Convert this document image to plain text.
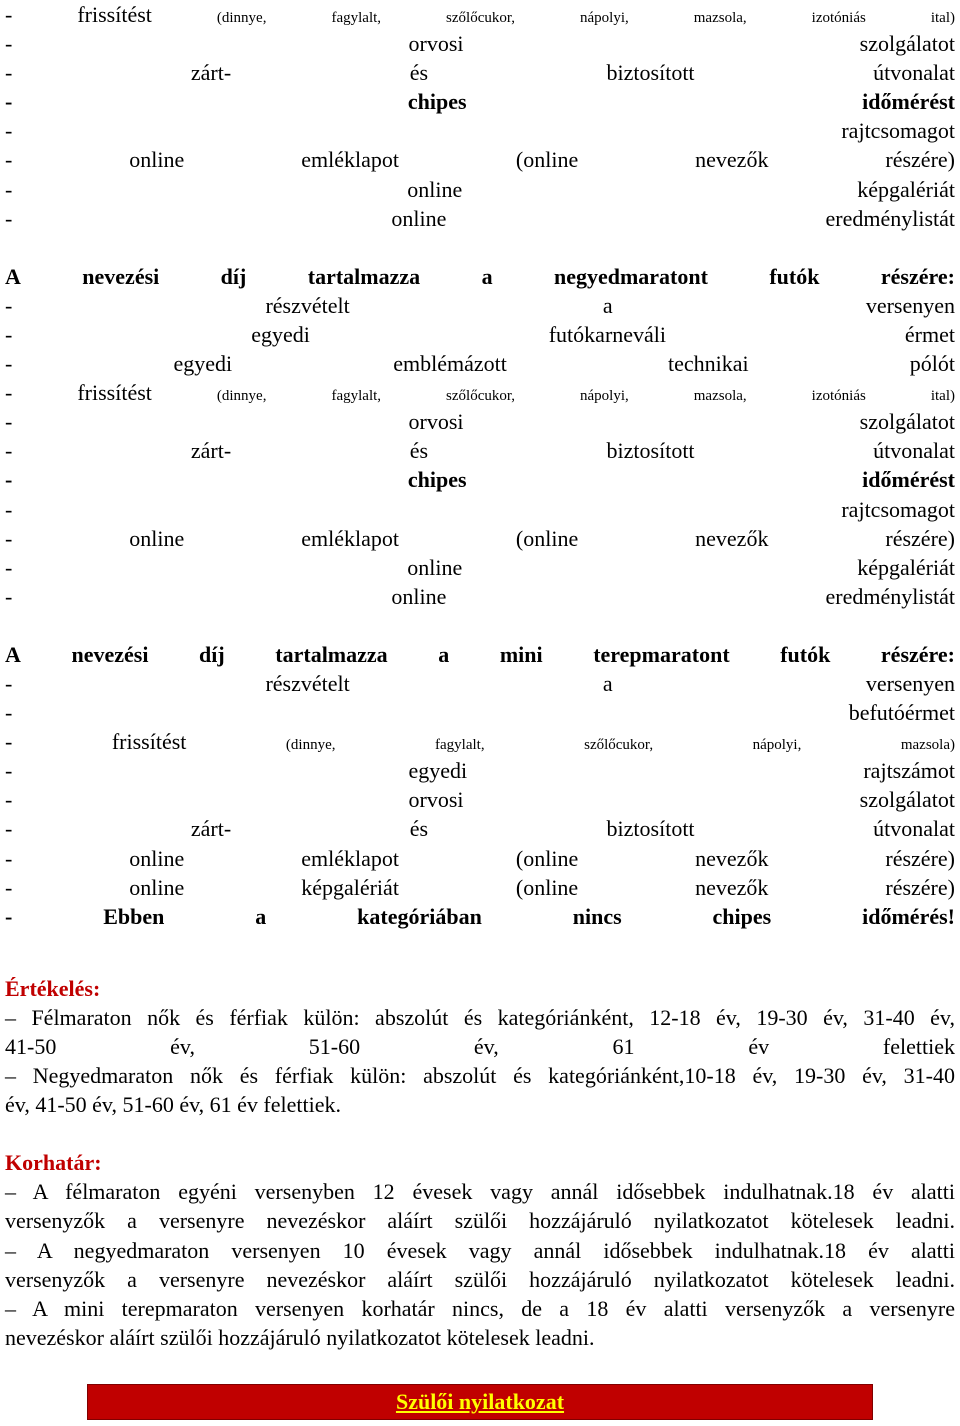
-	frissítést	(dinnye,	fagylalt,	szőlőcukor,	nápolyi,	mazsola,	izotóniás	ital)
-	orvosi	szolgálatot
-	zárt-	és	biztosított	útvonalat
-	chipes	időmérést
-	rajtcsomagot
-	online	emléklapot	(online	nevezők	részére)
-	online	képgalériát
-	online	eredménylistát
A	nevezési	díj	tartalmazza	a	negyedmaratont	futók	részére:
-	részvételt	a	versenyen
-	egyedi	futókarneváli	érmet
-	egyedi	emblémázott	technikai	pólót
-	frissítést	(dinnye,	fagylalt,	szőlőcukor,	nápolyi,	mazsola,	izotóniás	ital)
-	orvosi	szolgálatot
-	zárt-	és	biztosított	útvonalat
-	chipes	időmérést
-	rajtcsomagot
-	online	emléklapot	(online	nevezők	részére)
-	online	képgalériát
-	online	eredménylistát
A nevezési díj tartalmazza a mini terepmaratont futók részére:
-	részvételt	a	versenyen
-	befutóérmet
-	frissítést	(dinnye,	fagylalt,	szőlőcukor,	nápolyi,	mazsola)
-	egyedi	rajtszámot
-	orvosi	szolgálatot
-	zárt-	és	biztosított	útvonalat
-	online	emléklapot	(online	nevezők	részére)
-	online	képgalériát	(online	nevezők	részére)
-	Ebben	a	kategóriában	nincs	chipes	időmérés!
Értékelés:
– Félmaraton nők és férfiak külön: abszolút és kategóriánként, 12-18 év, 19-30 év, 31-40 év,
41-50 év, 51-60 év, 61 év felettiek
– Negyedmaraton nők és férfiak külön: abszolút és kategóriánként,10-18 év, 19-30 év, 31-40
év, 41-50 év, 51-60 év, 61 év felettiek.
Korhatár:
– A félmaraton egyéni versenyben 12 évesek vagy annál idősebbek indulhatnak.18 év alatti
versenyzők a versenyre nevezéskor aláírt szülői hozzájáruló nyilatkozatot kötelesek leadni.
– A negyedmaraton versenyen 10 évesek vagy annál idősebbek indulhatnak.18 év alatti
versenyzők a versenyre nevezéskor aláírt szülői hozzájáruló nyilatkozatot kötelesek leadni.
– A mini terepmaraton versenyen korhatár nincs, de a 18 év alatti versenyzők a versenyre
nevezéskor aláírt szülői hozzájáruló nyilatkozatot kötelesek leadni.
Szülői nyilatkozat
